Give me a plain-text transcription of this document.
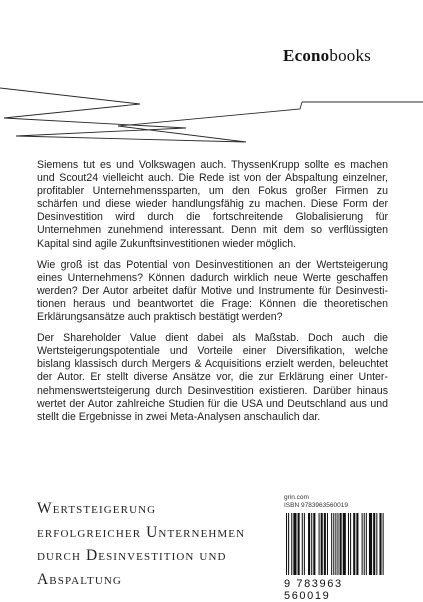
Econobooks

Siemens tut es und Volkswagen auch. ThyssenKrupp sollte es machen und Scout24 vielleicht auch. Die Rede ist von der Abspaltung einzelner, profitabler Unternehmenssparten, um den Fokus großer Firmen zu schärfen und diese wieder handlungsfähig zu machen. Diese Form der Desinvestition wird durch die fortschreitende Globalisierung für Unternehmen zunehmend interessant. Denn mit dem so verflüssigten Kapital sind agile Zukunftsinvestitionen wieder möglich.

Wie groß ist das Potential von Desinvestitionen an der Wertsteigerung eines Unternehmens? Können dadurch wirklich neue Werte geschaffen werden? Der Autor arbeitet dafür Motive und Instrumente für Desinvestitionen heraus und beantwortet die Frage: Können die theoretischen Erklärungsansätze auch praktisch bestätigt werden?

Der Shareholder Value dient dabei als Maßstab. Doch auch die Wertsteigerungspotentiale und Vorteile einer Diversifikation, welche bislang klassisch durch Mergers & Acquisitions erzielt werden, beleuchtet der Autor. Er stellt diverse Ansätze vor, die zur Erklärung einer Unternehmenswertsteigerung durch Desinvestition existieren. Darüber hinaus wertet der Autor zahlreiche Studien für die USA und Deutschland aus und stellt die Ergebnisse in zwei Meta-Analysen anschaulich dar.

Wertsteigerung
erfolgreicher Unternehmen
durch Desinvestition und
Abspaltung

grin.com

ISBN 9783963560019

9 783963 560019
